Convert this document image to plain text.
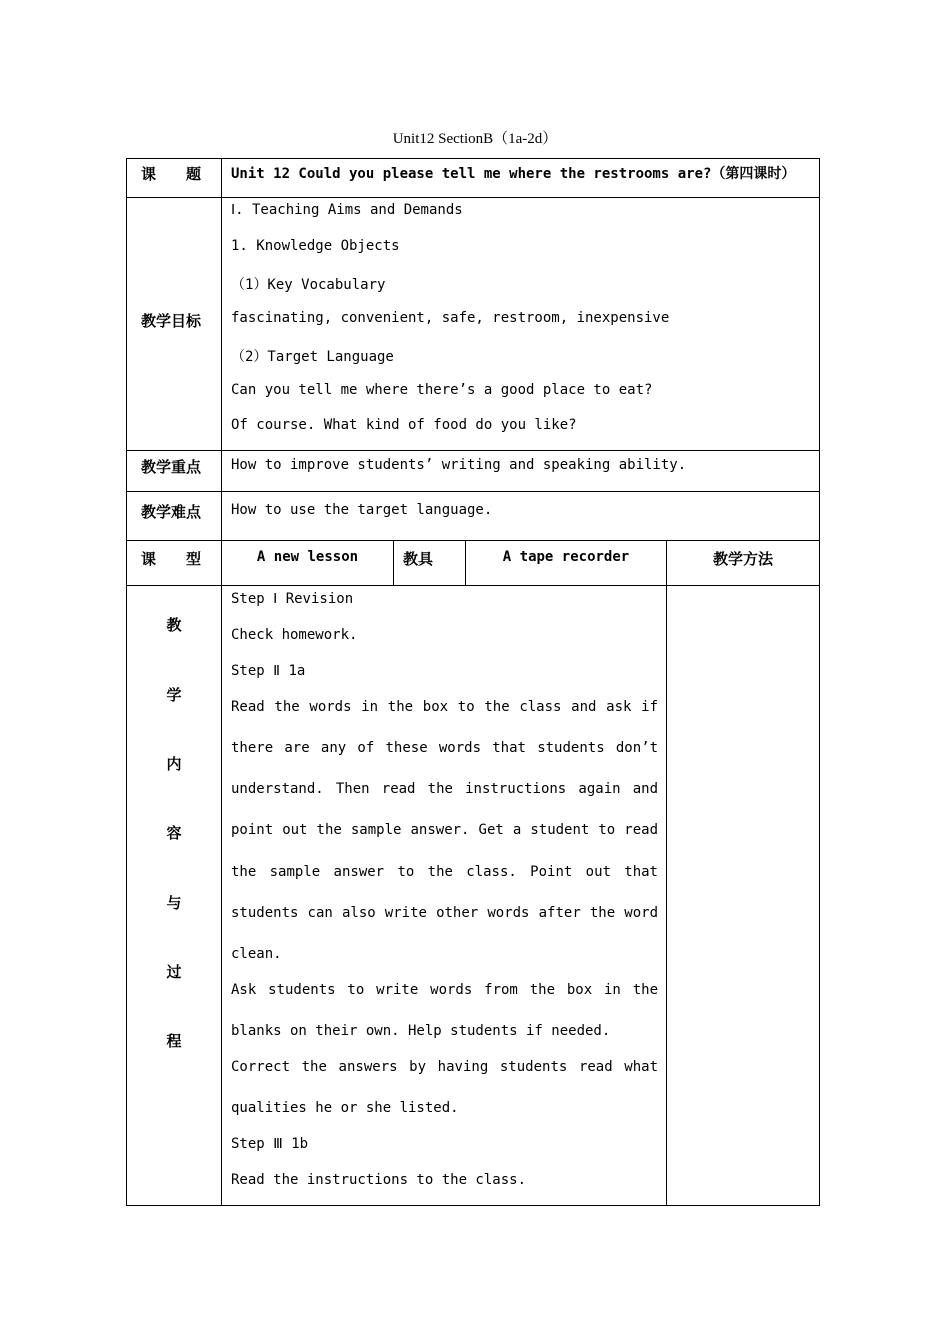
Unit12 SectionB（1a-2d）
课　　题 Unit 12 Could you please tell me where the restrooms are?（第四课时）
教学目标
Ⅰ. Teaching Aims and Demands
1. Knowledge Objects
（1）Key Vocabulary
fascinating, convenient, safe, restroom, inexpensive
（2）Target Language
Can you tell me where there’s a good place to eat?
Of course. What kind of food do you like?
教学重点 How to improve students’ writing and speaking ability.
教学难点 How to use the target language.
课　　型	A new lesson	教具	A tape recorder	教学方法
教
学
内
容
与
过
程
Step Ⅰ Revision
Check homework.
Step Ⅱ 1a
Read the words in the box to the class and ask if
there are any of these words that students don’t
understand. Then read the instructions again and
point out the sample answer. Get a student to read
the sample answer to the class. Point out that
students can also write other words after the word
clean.
Ask students to write words from the box in the
blanks on their own. Help students if needed.
Correct the answers by having students read what
qualities he or she listed.
Step Ⅲ 1b
Read the instructions to the class.
